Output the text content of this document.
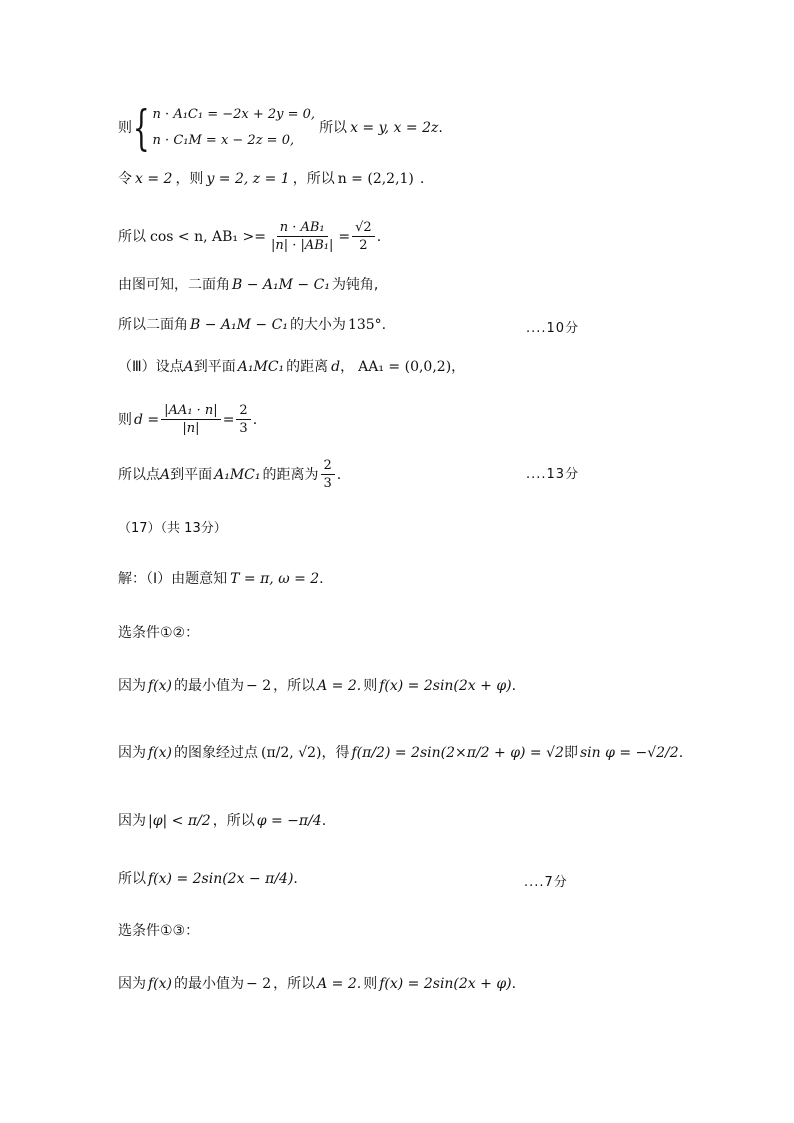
则 { n · A₁C₁ = −2x + 2y = 0,
n · C₁M = x − 2z = 0,
所以 x = y, x = 2z .
令 x = 2 ，则 y = 2, z = 1 ，所以 n = (2,2,1) .
所以 cos < n, $AB_1 >= \frac{\text{n · AB₁}}{\text{|n| · |AB₁|}} = \frac{√2}{2}$ .
由图可知，二面角 B − A₁M − C₁ 为钝角,
所以二面角 B − A₁M − C₁ 的大小为 135° .	....10分
（Ⅲ）设点 A 到平面 A₁MC₁ 的距离 d ， AA₁ = (0,0,2) ，
则 $d = \frac{\text{|AA₁ · n|}}{|n|} = \frac{2}{3}$ .
所以点 A 到平面 A₁MC₁ 的距离为 $\frac{2}{3}$ .	....13分
（17）（共 13分）
解：（Ⅰ）由题意知 T = π, ω = 2 .
选条件①②：
因为 f(x) 的最小值为 − 2 ，所以 A = 2. 则 f(x) = 2sin(2x + φ) .
因为 f(x) 的图象经过点 (π/2, √2) ，得 f(π/2) = 2sin(2×π/2 + φ) = √2 即 sin φ = −√2/2 .
因为 |φ| < π/2 ，所以 φ = −π/4 .
所以 f(x) = 2sin(2x − π/4) .	....7分
选条件①③：
因为 f(x) 的最小值为 − 2 ，所以 A = 2. 则 f(x) = 2sin(2x + φ) .
